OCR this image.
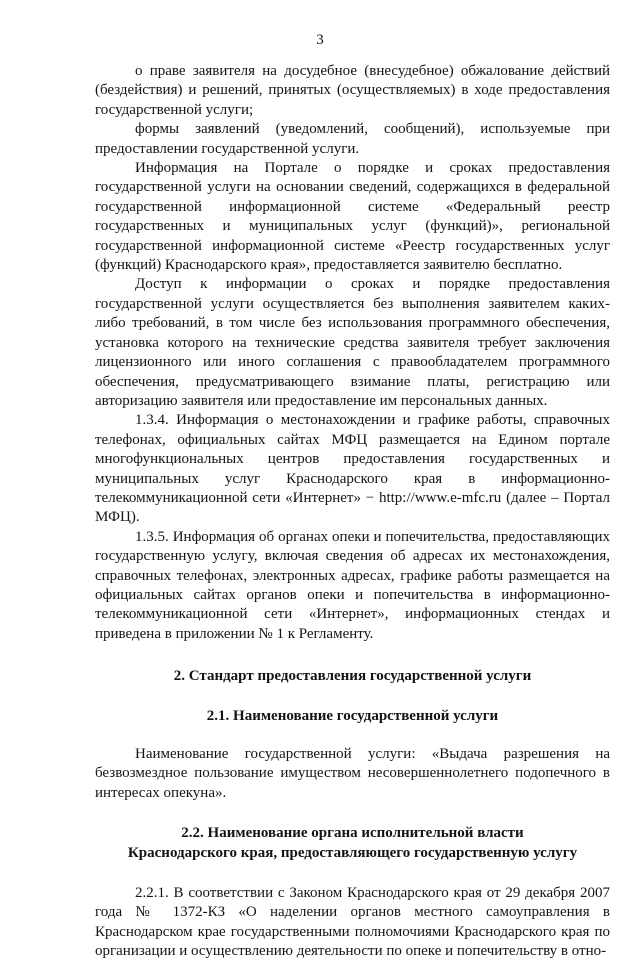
3

о праве заявителя на досудебное (внесудебное) обжалование действий (бездействия) и решений, принятых (осуществляемых) в ходе предоставления государственной услуги;

формы заявлений (уведомлений, сообщений), используемые при предоставлении государственной услуги.

Информация на Портале о порядке и сроках предоставления государственной услуги на основании сведений, содержащихся в федеральной государственной информационной системе «Федеральный реестр государственных и муниципальных услуг (функций)», региональной государственной информационной системе «Реестр государственных услуг (функций) Краснодарского края», предоставляется заявителю бесплатно.

Доступ к информации о сроках и порядке предоставления государственной услуги осуществляется без выполнения заявителем каких-либо требований, в том числе без использования программного обеспечения, установка которого на технические средства заявителя требует заключения лицензионного или иного соглашения с правообладателем программного обеспечения, предусматривающего взимание платы, регистрацию или авторизацию заявителя или предоставление им персональных данных.

1.3.4. Информация о местонахождении и графике работы, справочных телефонах, официальных сайтах МФЦ размещается на Едином портале многофункциональных центров предоставления государственных и муниципальных услуг Краснодарского края в информационно-телекоммуникационной сети «Интернет» − http://www.e-mfc.ru (далее – Портал МФЦ).

1.3.5. Информация об органах опеки и попечительства, предоставляющих государственную услугу, включая сведения об адресах их местонахождения, справочных телефонах, электронных адресах, графике работы размещается на официальных сайтах органов опеки и попечительства в информационно-телекоммуникационной сети «Интернет», информационных стендах и приведена в приложении № 1 к Регламенту.

2. Стандарт предоставления государственной услуги

2.1. Наименование государственной услуги

Наименование государственной услуги: «Выдача разрешения на безвозмездное пользование имуществом несовершеннолетнего подопечного в интересах опекуна».

2.2. Наименование органа исполнительной власти

Краснодарского края, предоставляющего государственную услугу

2.2.1. В соответствии с Законом Краснодарского края от 29 декабря 2007 года № 1372-КЗ «О наделении органов местного самоуправления в Краснодарском крае государственными полномочиями Краснодарского края по организации и осуществлению деятельности по опеке и попечительству в отно-
